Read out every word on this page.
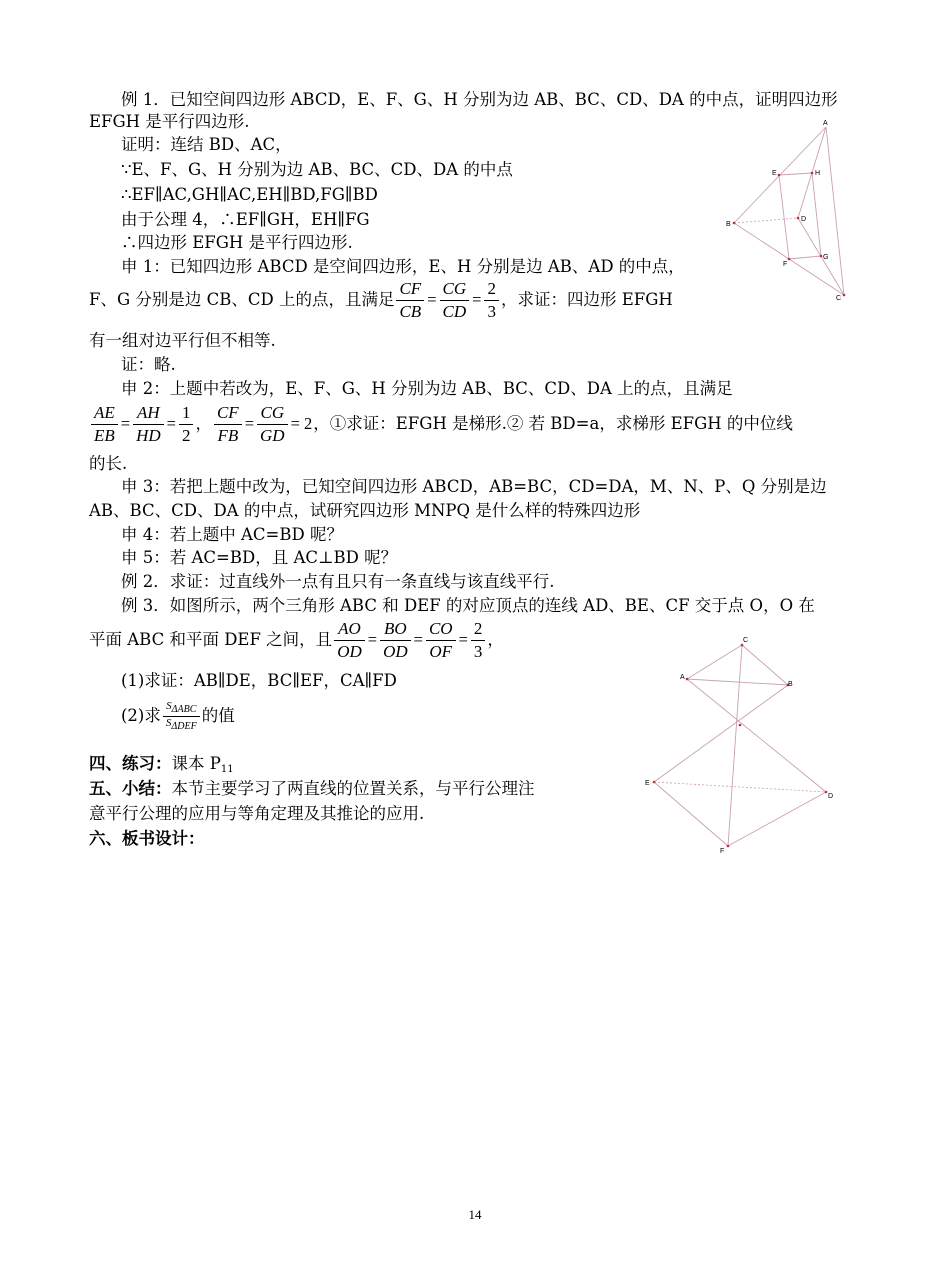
例 1．已知空间四边形 ABCD，E、F、G、H 分别为边 AB、BC、CD、DA 的中点，证明四边形
EFGH 是平行四边形.
证明：连结 BD、AC，
∵E、F、G、H 分别为边 AB、BC、CD、DA 的中点
∴EF∥AC,GH∥AC,EH∥BD,FG∥BD
由于公理 4，∴EF∥GH，EH∥FG
∴四边形 EFGH 是平行四边形.
申 1：已知四边形 ABCD 是空间四边形，E、H 分别是边 AB、AD 的中点，
F、G 分别是边 CB、CD 上的点，且满足 $\frac{CF}{CB} = \frac{CG}{CD} = \frac{2}{3}$ ，求证：四边形 EFGH
有一组对边平行但不相等.
证：略.
申 2：上题中若改为，E、F、G、H 分别为边 AB、BC、CD、DA 上的点，且满足
$\frac{AE}{EB} = \frac{AH}{HD} = \frac{1}{2}$ ， $\frac{CF}{FB} = \frac{CG}{GD} = 2$，①求证：EFGH 是梯形.② 若 BD=a，求梯形 EFGH 的中位线
的长.
申 3：若把上题中改为，已知空间四边形 ABCD，AB=BC，CD=DA，M、N、P、Q 分别是边
AB、BC、CD、DA 的中点，试研究四边形 MNPQ 是什么样的特殊四边形
申 4：若上题中 AC=BD 呢？
申 5：若 AC=BD，且 AC⊥BD 呢？
例 2．求证：过直线外一点有且只有一条直线与该直线平行.
例 3．如图所示，两个三角形 ABC 和 DEF 的对应顶点的连线 AD、BE、CF 交于点 O，O 在
平面 ABC 和平面 DEF 之间，且 $\frac{AO}{OD} = \frac{BO}{OD} = \frac{CO}{OF} = \frac{2}{3}$ ，
(1)求证：AB∥DE，BC∥EF，CA∥FD
(2)求 $\frac{\text{SΔABC}}{\text{SΔDEF}}$ 的值
四、练习：课本 $P_{11}$
五、小结：本节主要学习了两直线的位置关系，与平行公理注
意平行公理的应用与等角定理及其推论的应用.
六、板书设计：
A
B
C
D
E
F
G
H
C
A
B
E
D
F
14
